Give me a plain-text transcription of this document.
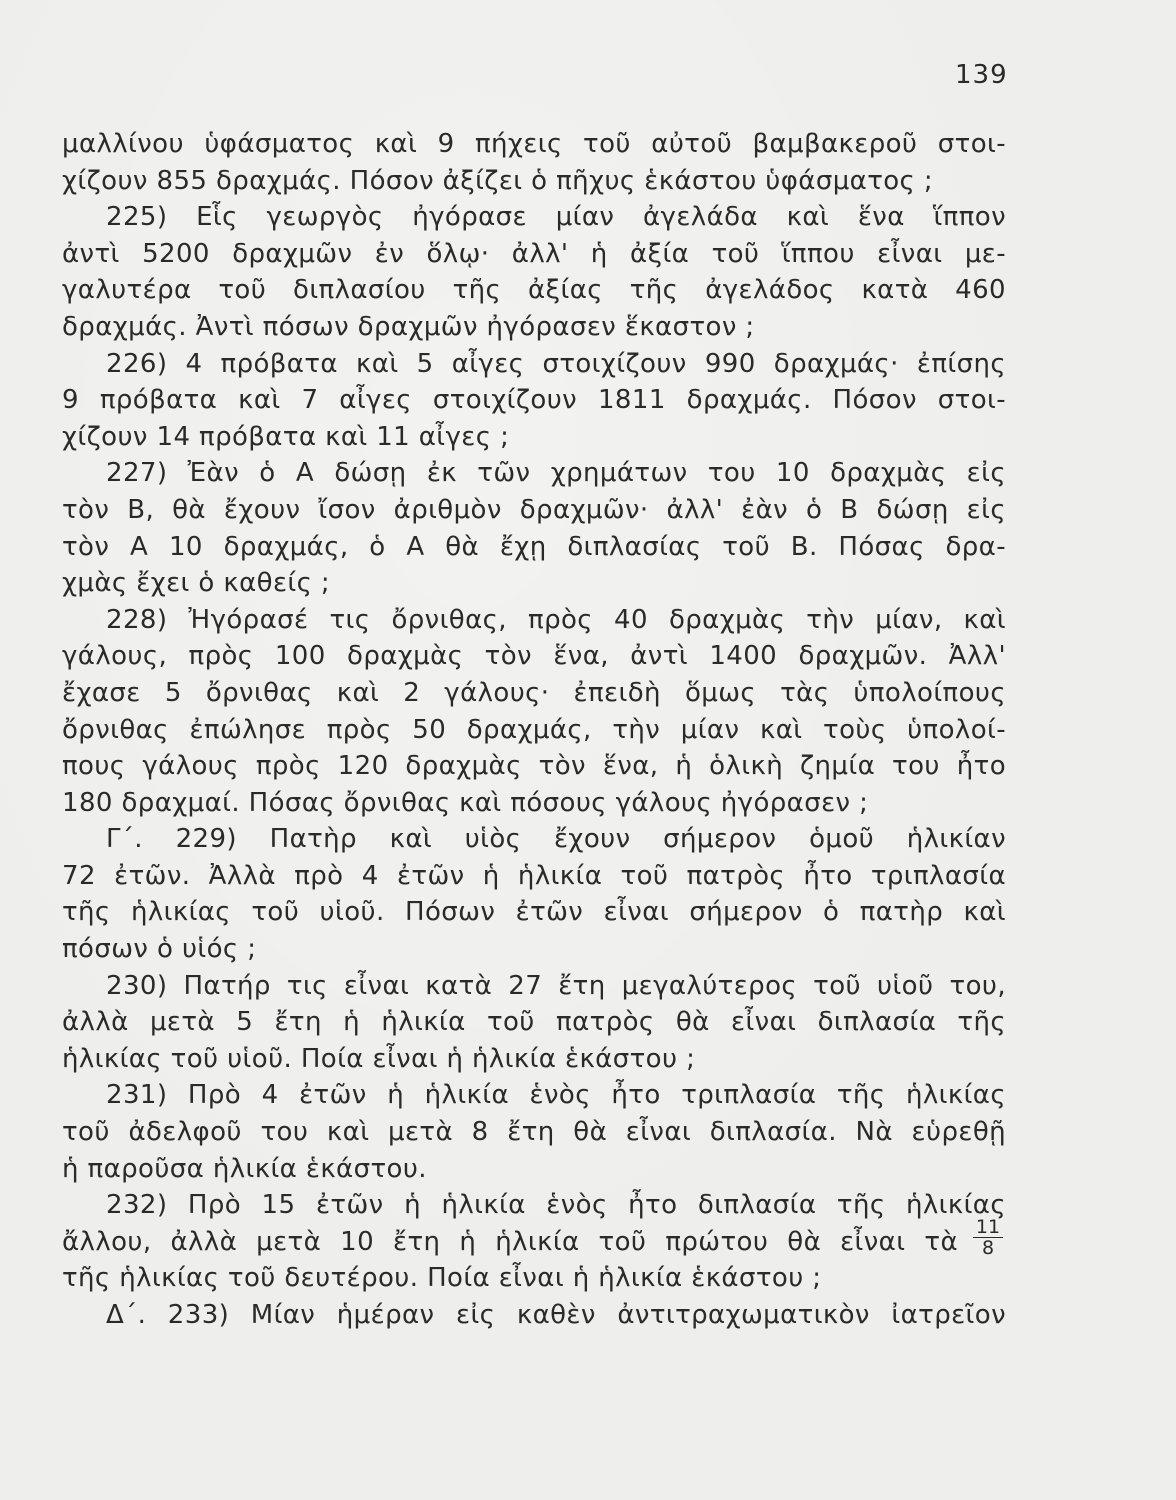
139
μαλλίνου ὑφάσματος καὶ 9 πήχεις τοῦ αὐτοῦ βαμβακεροῦ στοι-
χίζουν 855 δραχμάς. Πόσον ἀξίζει ὁ πῆχυς ἑκάστου ὑφάσματος ;
225) Εἷς γεωργὸς ἠγόρασε μίαν ἀγελάδα καὶ ἕνα ἵππον
ἀντὶ 5200 δραχμῶν ἐν ὅλῳ· ἀλλ' ἡ ἀξία τοῦ ἵππου εἶναι με-
γαλυτέρα τοῦ διπλασίου τῆς ἀξίας τῆς ἀγελάδος κατὰ 460
δραχμάς. Ἀντὶ πόσων δραχμῶν ἠγόρασεν ἕκαστον ;
226) 4 πρόβατα καὶ 5 αἶγες στοιχίζουν 990 δραχμάς· ἐπίσης
9 πρόβατα καὶ 7 αἶγες στοιχίζουν 1811 δραχμάς. Πόσον στοι-
χίζουν 14 πρόβατα καὶ 11 αἶγες ;
227) Ἐὰν ὁ Α δώσῃ ἐκ τῶν χρημάτων του 10 δραχμὰς εἰς
τὸν Β, θὰ ἔχουν ἴσον ἀριθμὸν δραχμῶν· ἀλλ' ἐὰν ὁ Β δώσῃ εἰς
τὸν Α 10 δραχμάς, ὁ Α θὰ ἔχῃ διπλασίας τοῦ Β. Πόσας δρα-
χμὰς ἔχει ὁ καθείς ;
228) Ἠγόρασέ τις ὄρνιθας, πρὸς 40 δραχμὰς τὴν μίαν, καὶ
γάλους, πρὸς 100 δραχμὰς τὸν ἕνα, ἀντὶ 1400 δραχμῶν. Ἀλλ'
ἔχασε 5 ὄρνιθας καὶ 2 γάλους· ἐπειδὴ ὅμως τὰς ὑπολοίπους
ὄρνιθας ἐπώλησε πρὸς 50 δραχμάς, τὴν μίαν καὶ τοὺς ὑπολοί-
πους γάλους πρὸς 120 δραχμὰς τὸν ἕνα, ἡ ὁλικὴ ζημία του ἦτο
180 δραχμαί. Πόσας ὄρνιθας καὶ πόσους γάλους ἠγόρασεν ;
Γ΄. 229) Πατὴρ καὶ υἱὸς ἔχουν σήμερον ὁμοῦ ἡλικίαν
72 ἐτῶν. Ἀλλὰ πρὸ 4 ἐτῶν ἡ ἡλικία τοῦ πατρὸς ἦτο τριπλασία
τῆς ἡλικίας τοῦ υἱοῦ. Πόσων ἐτῶν εἶναι σήμερον ὁ πατὴρ καὶ
πόσων ὁ υἱός ;
230) Πατήρ τις εἶναι κατὰ 27 ἔτη μεγαλύτερος τοῦ υἱοῦ του,
ἀλλὰ μετὰ 5 ἔτη ἡ ἡλικία τοῦ πατρὸς θὰ εἶναι διπλασία τῆς
ἡλικίας τοῦ υἱοῦ. Ποία εἶναι ἡ ἡλικία ἑκάστου ;
231) Πρὸ 4 ἐτῶν ἡ ἡλικία ἑνὸς ἦτο τριπλασία τῆς ἡλικίας
τοῦ ἀδελφοῦ του καὶ μετὰ 8 ἔτη θὰ εἶναι διπλασία. Νὰ εὑρεθῇ
ἡ παροῦσα ἡλικία ἑκάστου.
232) Πρὸ 15 ἐτῶν ἡ ἡλικία ἑνὸς ἦτο διπλασία τῆς ἡλικίας
ἄλλου, ἀλλὰ μετὰ 10 ἔτη ἡ ἡλικία τοῦ πρώτου θὰ εἶναι τὰ $\frac{11}{8}$
τῆς ἡλικίας τοῦ δευτέρου. Ποία εἶναι ἡ ἡλικία ἑκάστου ;
Δ΄. 233) Μίαν ἡμέραν εἰς καθὲν ἀντιτραχωματικὸν ἰατρεῖον
